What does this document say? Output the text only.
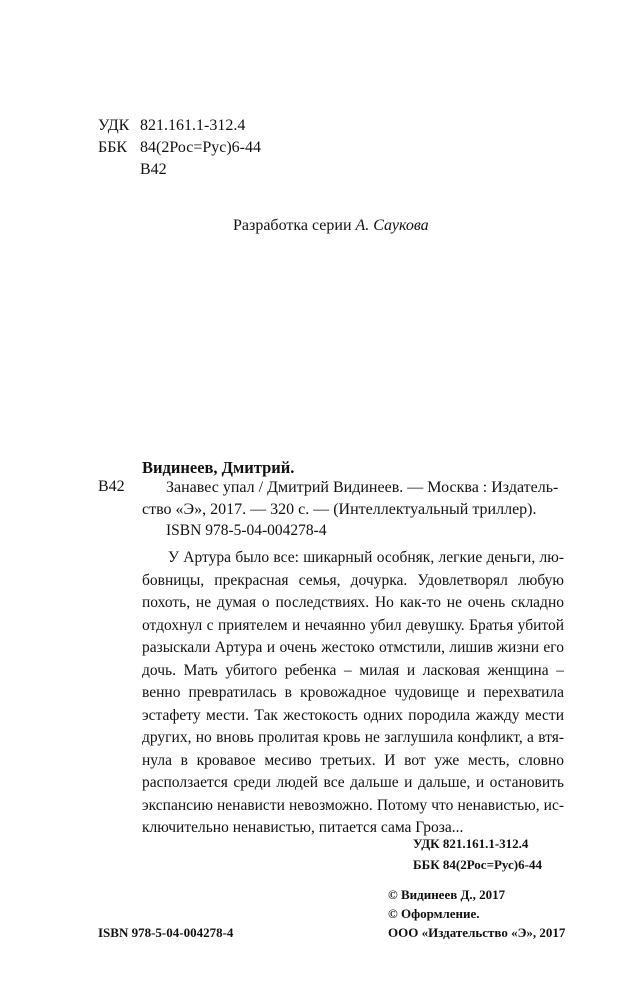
УДК 821.161.1-312.4
ББК 84(2Рос=Рус)6-44
В42
Разработка серии А. Саукова
Видинеев, Дмитрий.
В42	Занавес упал / Дмитрий Видинеев. — Москва : Издатель-
ство «Э», 2017. — 320 с. — (Интеллектуальный триллер).
ISBN 978-5-04-004278-4
У Артура было все: шикарный особняк, легкие деньги, лю-
бовницы, прекрасная семья, дочурка. Удовлетворял любую
похоть, не думая о последствиях. Но как-то не очень складно
отдохнул с приятелем и нечаянно убил девушку. Братья убитой
разыскали Артура и очень жестоко отмстили, лишив жизни его
дочь. Мать убитого ребенка – милая и ласковая женщина –
венно превратилась в кровожадное чудовище и перехватила
эстафету мести. Так жестокость одних породила жажду мести
других, но вновь пролитая кровь не заглушила конфликт, а втя-
нула в кровавое месиво третьих. И вот уже месть, словно
расползается среди людей все дальше и дальше, и остановить
экспансию ненависти невозможно. Потому что ненавистью, ис-
ключительно ненавистью, питается сама Гроза...
УДК 821.161.1-312.4
ББК 84(2Рос=Рус)6-44
ISBN 978-5-04-004278-4
© Видинеев Д., 2017
© Оформление.
ООО «Издательство «Э», 2017
